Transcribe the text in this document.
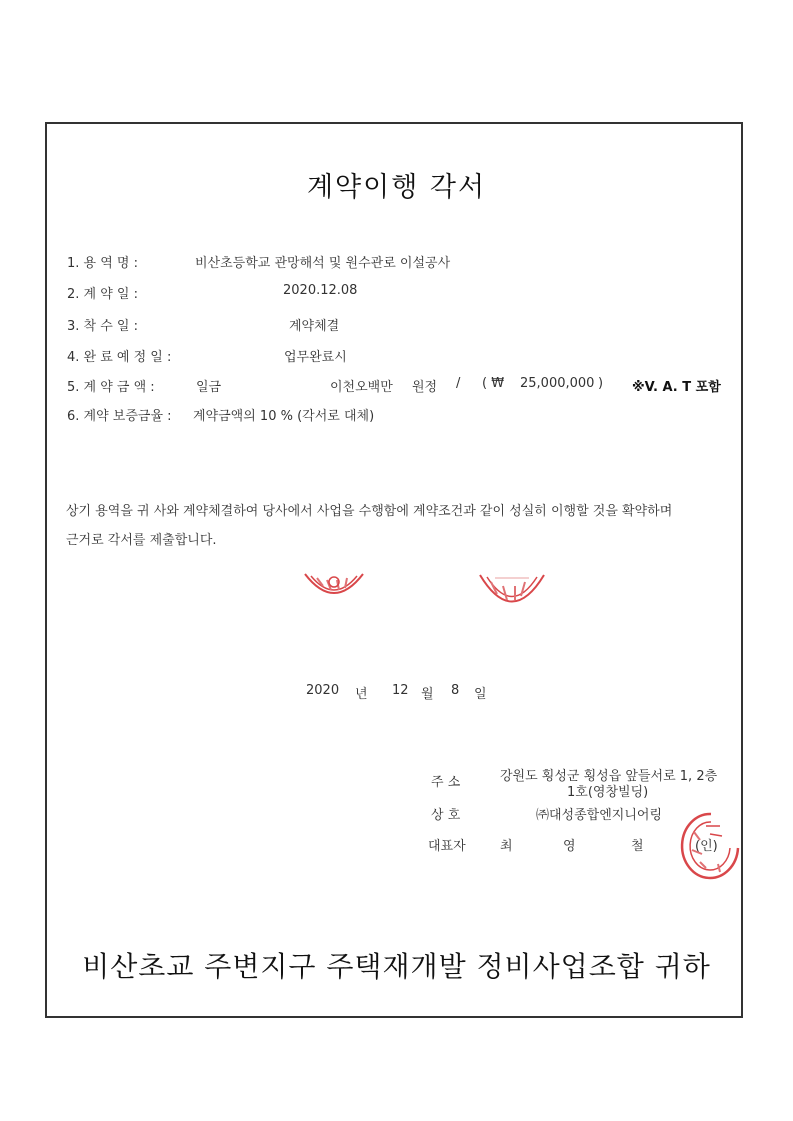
계약이행 각서
1. 용 역 명 :	비산초등학교 관망해석 및 원수관로 이설공사
2. 계 약 일 :	2020.12.08
3. 착 수 일 :	계약체결
4. 완 료 예 정 일 :	업무완료시
5. 계 약 금 액 :	일금	이천오백만 원정 / ( ₩ 25,000,000 ) ※V. A. T 포함
6. 계약 보증금율 : 계약금액의 10 % (각서로 대체)
상기 용역을 귀 사와 계약체결하여 당사에서 사업을 수행함에 계약조건과 같이 성실히 이행할 것을 확약하며
근거로 각서를 제출합니다.
2020 년 12 월 8 일
주 소	강원도 횡성군 횡성읍 앞들서로 1, 2층
1호(영창빌딩)
상 호	㈜대성종합엔지니어링
대표자	최	영	철	(인)
비산초교 주변지구 주택재개발 정비사업조합 귀하
